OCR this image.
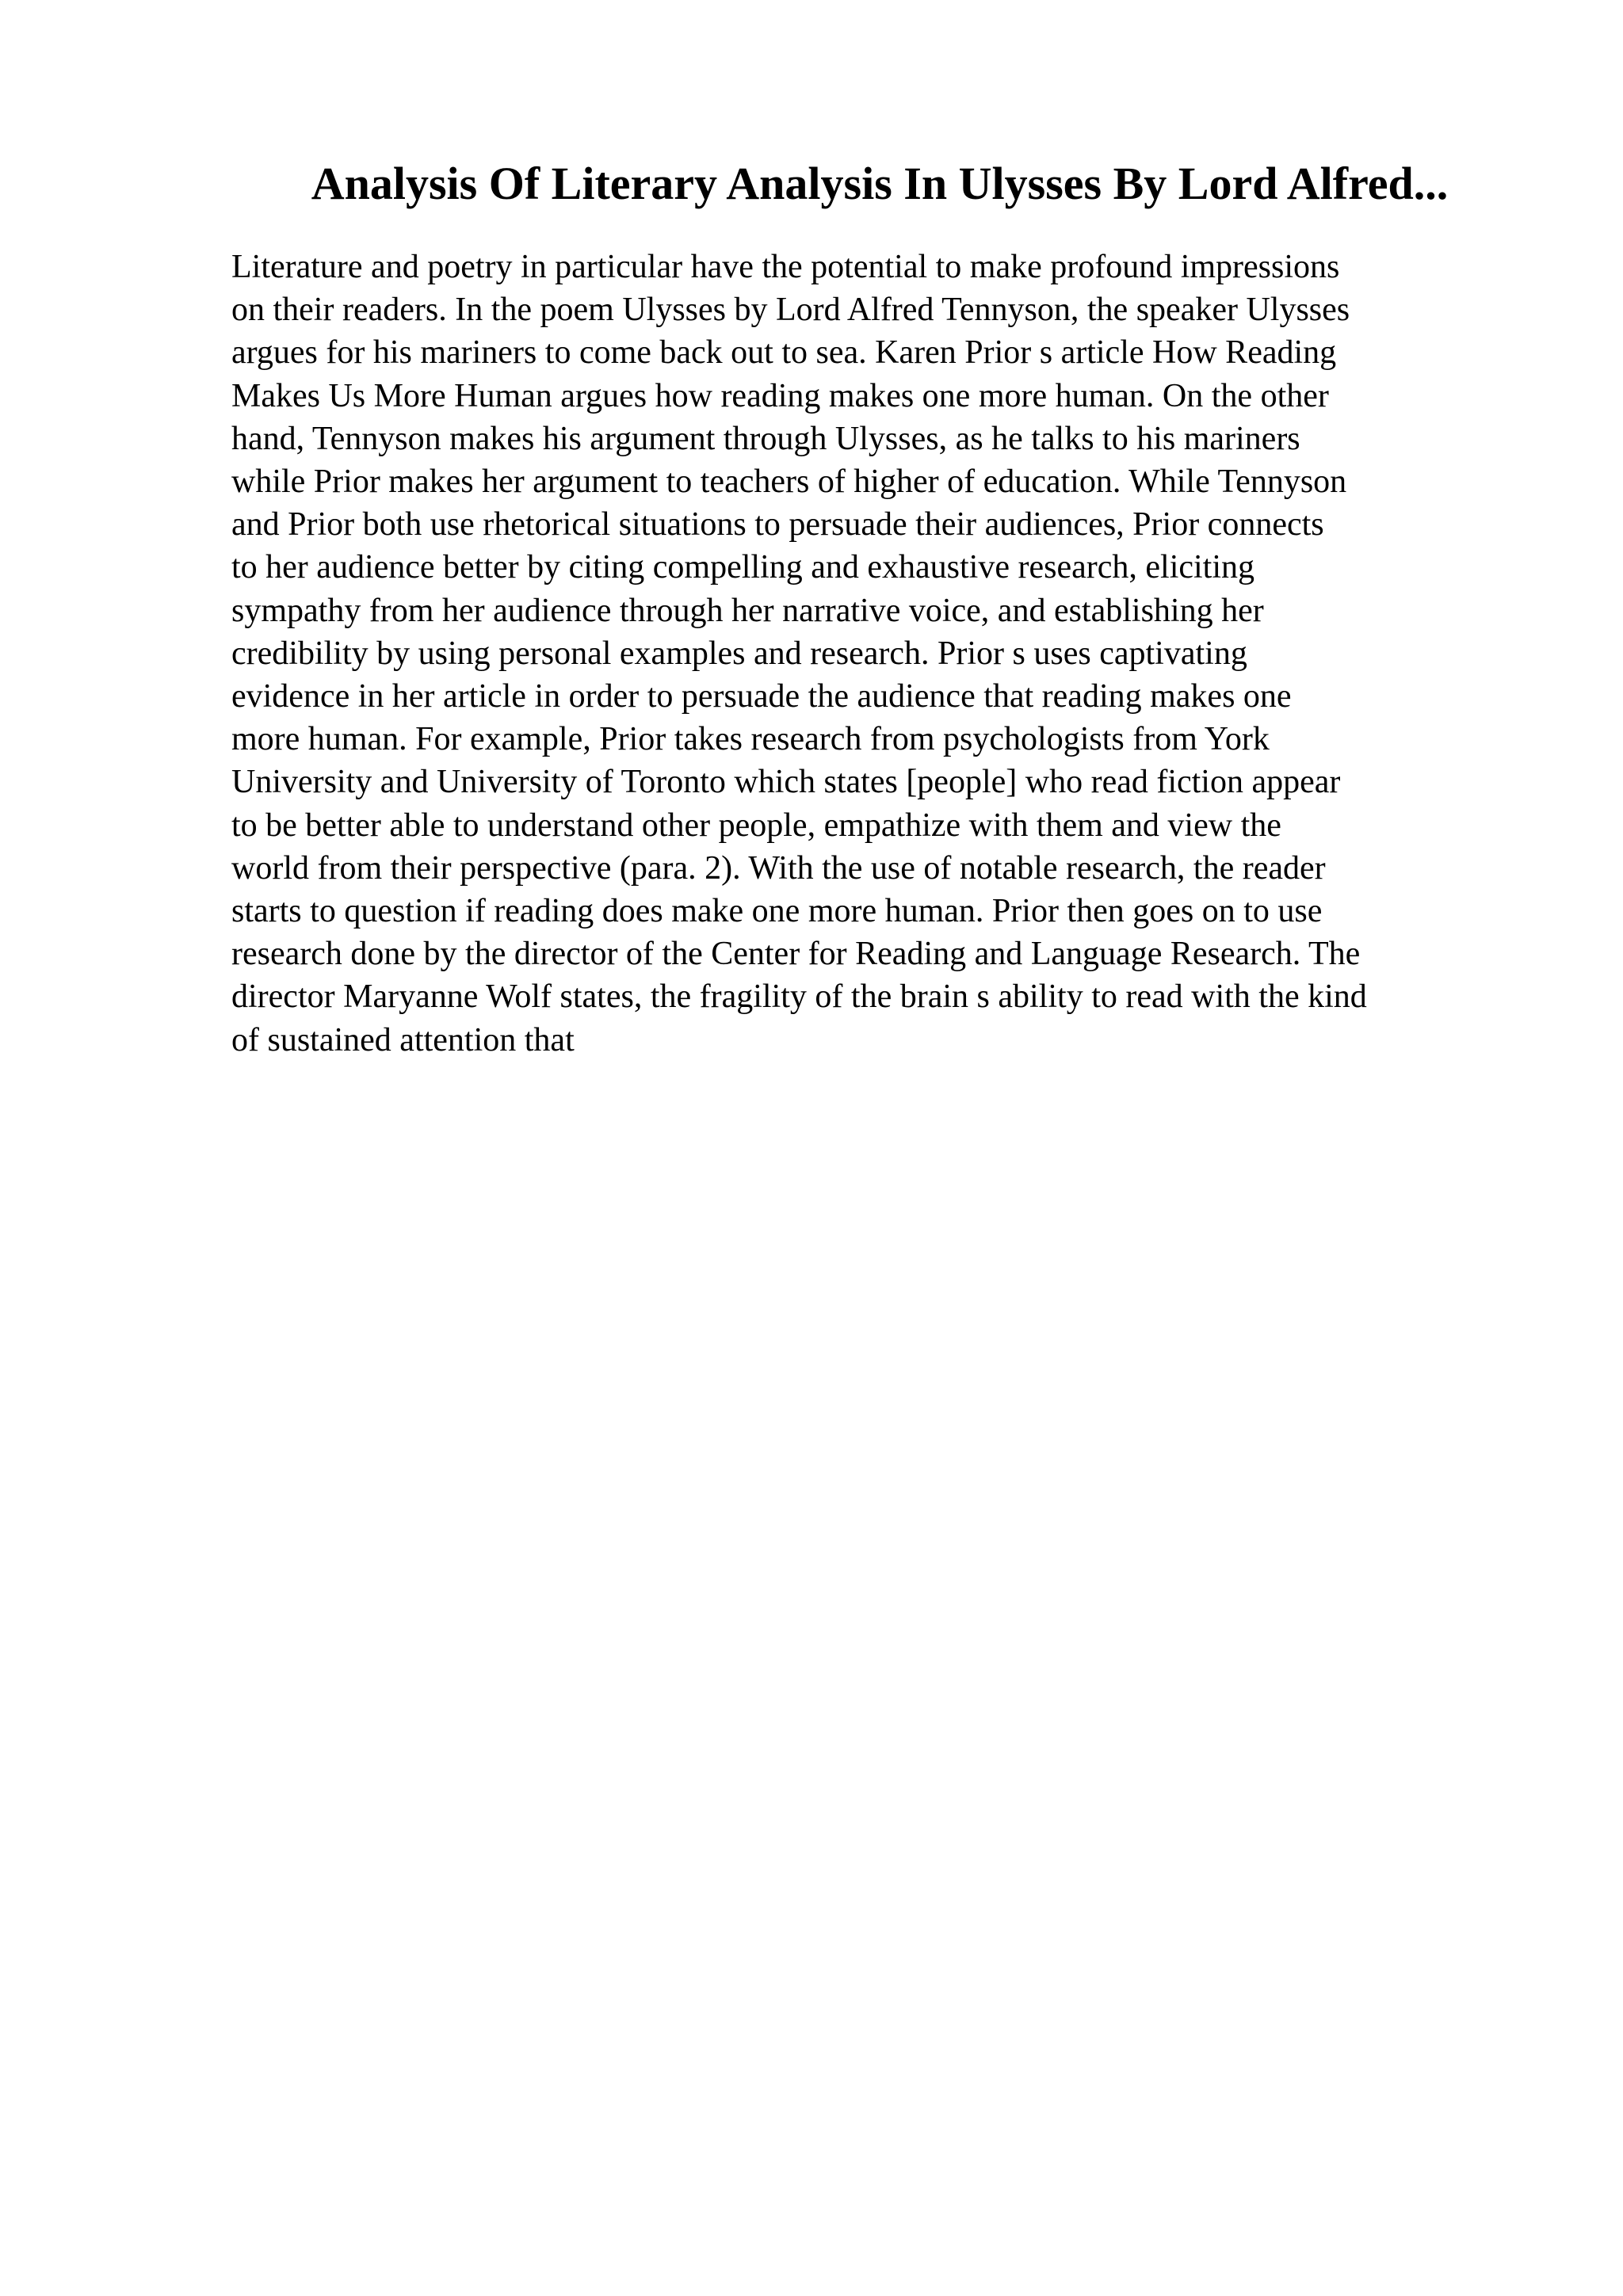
Analysis Of Literary Analysis In Ulysses By Lord Alfred...
Literature and poetry in particular have the potential to make profound impressions
on their readers. In the poem Ulysses by Lord Alfred Tennyson, the speaker Ulysses
argues for his mariners to come back out to sea. Karen Prior s article How Reading
Makes Us More Human argues how reading makes one more human. On the other
hand, Tennyson makes his argument through Ulysses, as he talks to his mariners
while Prior makes her argument to teachers of higher of education. While Tennyson
and Prior both use rhetorical situations to persuade their audiences, Prior connects
to her audience better by citing compelling and exhaustive research, eliciting
sympathy from her audience through her narrative voice, and establishing her
credibility by using personal examples and research. Prior s uses captivating
evidence in her article in order to persuade the audience that reading makes one
more human. For example, Prior takes research from psychologists from York
University and University of Toronto which states [people] who read fiction appear
to be better able to understand other people, empathize with them and view the
world from their perspective (para. 2). With the use of notable research, the reader
starts to question if reading does make one more human. Prior then goes on to use
research done by the director of the Center for Reading and Language Research. The
director Maryanne Wolf states, the fragility of the brain s ability to read with the kind
of sustained attention that
